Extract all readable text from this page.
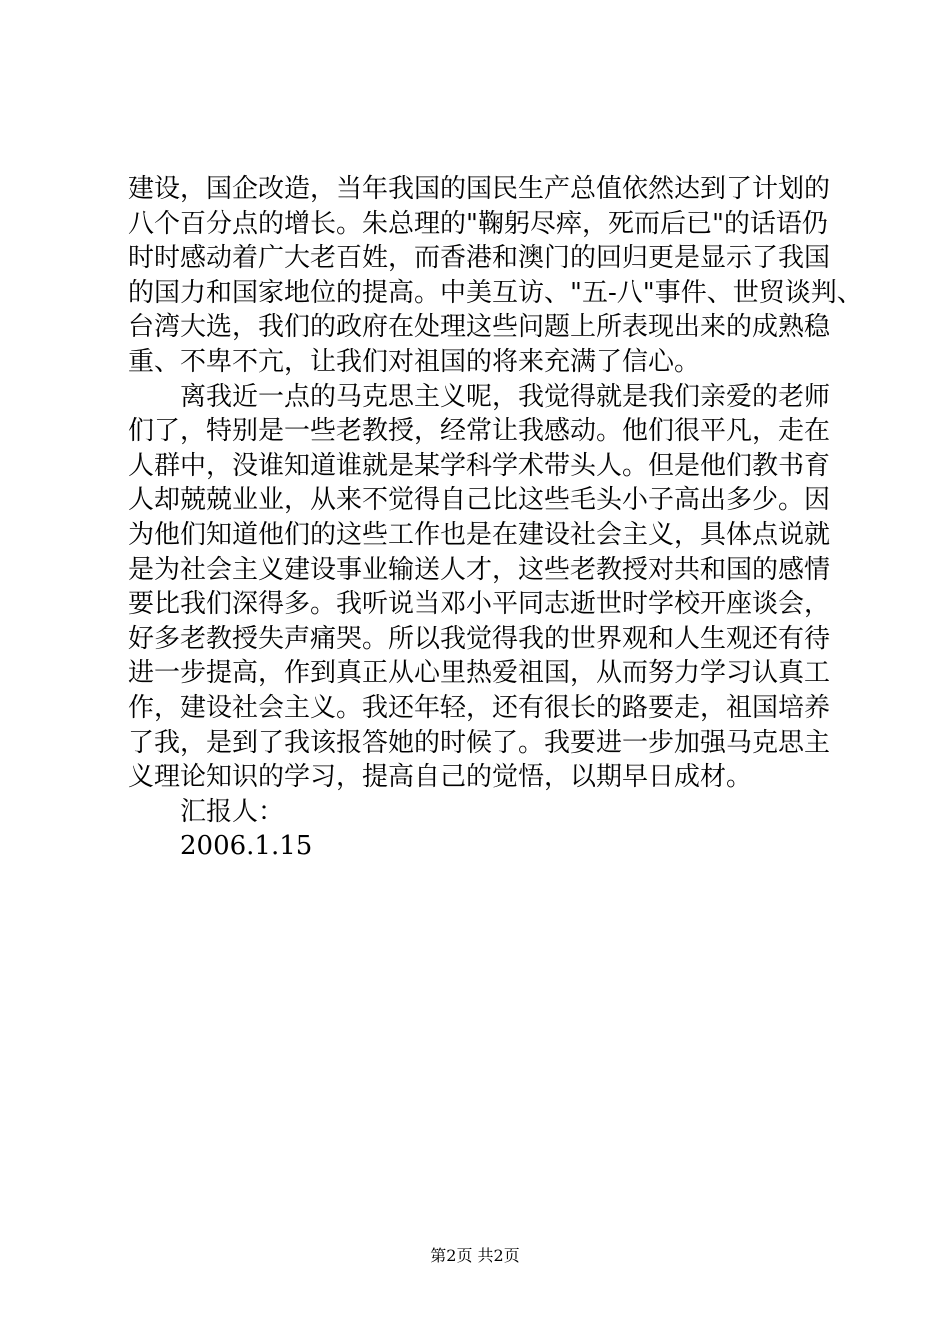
建设，国企改造，当年我国的国民生产总值依然达到了计划的
八个百分点的增长。朱总理的"鞠躬尽瘁，死而后已"的话语仍
时时感动着广大老百姓，而香港和澳门的回归更是显示了我国
的国力和国家地位的提高。中美互访、"五-八"事件、世贸谈判、
台湾大选，我们的政府在处理这些问题上所表现出来的成熟稳
重、不卑不亢，让我们对祖国的将来充满了信心。
离我近一点的马克思主义呢，我觉得就是我们亲爱的老师
们了，特别是一些老教授，经常让我感动。他们很平凡，走在
人群中，没谁知道谁就是某学科学术带头人。但是他们教书育
人却兢兢业业，从来不觉得自己比这些毛头小子高出多少。因
为他们知道他们的这些工作也是在建设社会主义，具体点说就
是为社会主义建设事业输送人才，这些老教授对共和国的感情
要比我们深得多。我听说当邓小平同志逝世时学校开座谈会，
好多老教授失声痛哭。所以我觉得我的世界观和人生观还有待
进一步提高，作到真正从心里热爱祖国，从而努力学习认真工
作，建设社会主义。我还年轻，还有很长的路要走，祖国培养
了我，是到了我该报答她的时候了。我要进一步加强马克思主
义理论知识的学习，提高自己的觉悟，以期早日成材。
汇报人：
2006.1.15
第2页 共2页
